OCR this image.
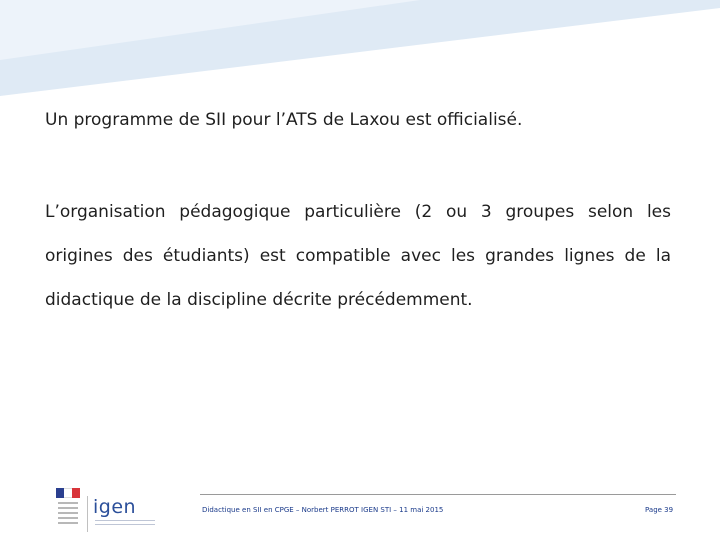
Un programme de SII pour l’ATS de Laxou est officialisé.
L’organisation pédagogique particulière (2 ou 3 groupes selon les origines des étudiants) est compatible avec les grandes lignes de la didactique de la discipline décrite précédemment.
igen	Didactique en SII en CPGE – Norbert PERROT IGEN STI – 11 mai 2015	Page 39
